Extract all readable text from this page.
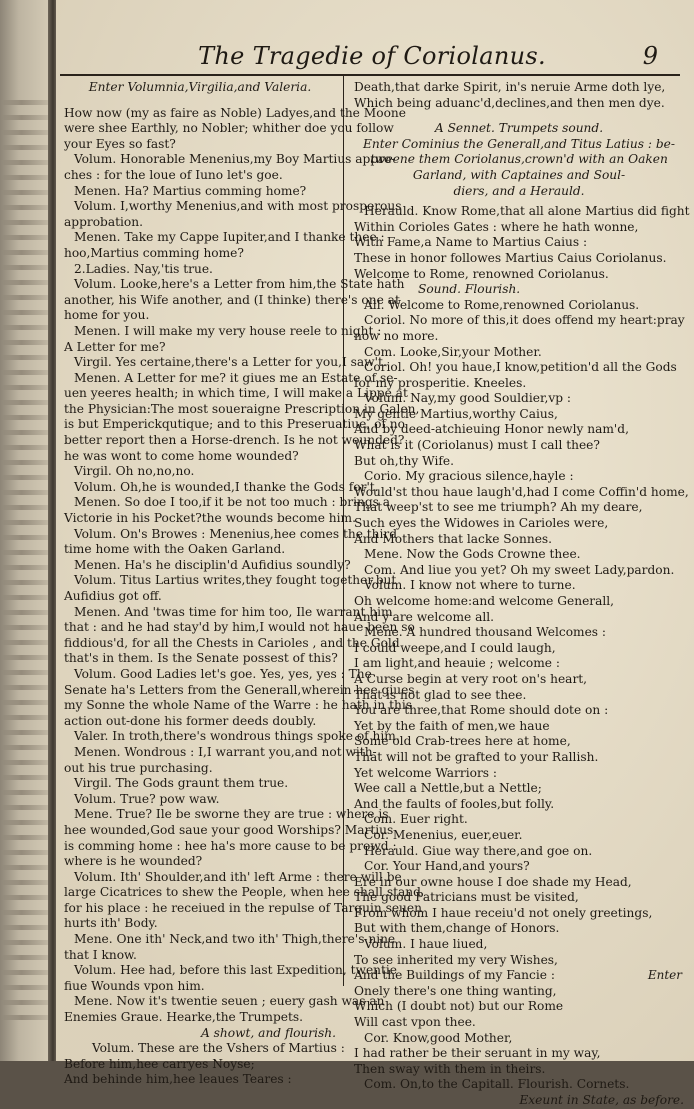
The Tragedie of Coriolanus.	9
Enter Volumnia,Virgilia,and Valeria.
How now (my as faire as Noble) Ladyes,and the Moone
were shee Earthly, no Nobler; whither doe you follow
your Eyes so fast?
Volum. Honorable Menenius,my Boy Martius appro-
ches : for the loue of Iuno let's goe.
Menen. Ha? Martius comming home?
Volum. I,worthy Menenius,and with most prosperous
approbation.
Menen. Take my Cappe Iupiter,and I thanke thee :
hoo,Martius comming home?
2.Ladies. Nay,'tis true.
Volum. Looke,here's a Letter from him,the State hath
another, his Wife another, and (I thinke) there's one at
home for you.
Menen. I will make my very house reele to night :
A Letter for me?
Virgil. Yes certaine,there's a Letter for you,I saw't.
Menen. A Letter for me? it giues me an Estate of se-
uen yeeres health; in which time, I will make a Lippe at
the Physician:The most soueraigne Prescription in Galen,
is but Emperickqutique; and to this Preseruatiue, of no
better report then a Horse-drench. Is he not wounded?
he was wont to come home wounded?
Virgil. Oh no,no,no.
Volum. Oh,he is wounded,I thanke the Gods for't.
Menen. So doe I too,if it be not too much : brings a
Victorie in his Pocket?the wounds become him.
Volum. On's Browes : Menenius,hee comes the third
time home with the Oaken Garland.
Menen. Ha's he disciplin'd Aufidius soundly?
Volum. Titus Lartius writes,they fought together,but
Aufidius got off.
Menen. And 'twas time for him too, Ile warrant him
that : and he had stay'd by him,I would not haue been so
fiddious'd, for all the Chests in Carioles , and the Gold
that's in them. Is the Senate possest of this?
Volum. Good Ladies let's goe. Yes, yes, yes : The
Senate ha's Letters from the Generall,wherein hee giues
my Sonne the whole Name of the Warre : he hath in this
action out-done his former deeds doubly.
Valer. In troth,there's wondrous things spoke of him.
Menen. Wondrous : I,I warrant you,and not with-
out his true purchasing.
Virgil. The Gods graunt them true.
Volum. True? pow waw.
Mene. True? Ile be sworne they are true : where is
hee wounded,God saue your good Worships? Martius
is comming home : hee ha's more cause to be prowd :
where is he wounded?
Volum. Ith' Shoulder,and ith' left Arme : there will be
large Cicatrices to shew the People, when hee shall stand
for his place : he receiued in the repulse of Tarquin seuen
hurts ith' Body.
Mene. One ith' Neck,and two ith' Thigh,there's nine
that I know.
Volum. Hee had, before this last Expedition, twentie
fiue Wounds vpon him.
Mene. Now it's twentie seuen ; euery gash was an
Enemies Graue. Hearke,the Trumpets.
A showt, and flourish.
Volum. These are the Vshers of Martius :
Before him,hee carryes Noyse;
And behinde him,hee leaues Teares :
Death,that darke Spirit, in's neruie Arme doth lye,
Which being aduanc'd,declines,and then men dye.
A Sennet. Trumpets sound.
Enter Cominius the Generall,and Titus Latius : be-
tweene them Coriolanus,crown'd with an Oaken
Garland, with Captaines and Soul-
diers, and a Herauld.
Herauld. Know Rome,that all alone Martius did fight
Within Corioles Gates : where he hath wonne,
With Fame,a Name to Martius Caius :
These in honor followes Martius Caius Coriolanus.
Welcome to Rome, renowned Coriolanus.
Sound. Flourish.
All. Welcome to Rome,renowned Coriolanus.
Coriol. No more of this,it does offend my heart:pray
now no more.
Com. Looke,Sir,your Mother.
Coriol. Oh! you haue,I know,petition'd all the Gods
for my prosperitie. Kneeles.
Volum. Nay,my good Souldier,vp :
My gentle Martius,worthy Caius,
And by deed-atchieuing Honor newly nam'd,
What is it (Coriolanus) must I call thee?
But oh,thy Wife.
Corio. My gracious silence,hayle :
Would'st thou haue laugh'd,had I come Coffin'd home,
That weep'st to see me triumph? Ah my deare,
Such eyes the Widowes in Carioles were,
And Mothers that lacke Sonnes.
Mene. Now the Gods Crowne thee.
Com. And liue you yet? Oh my sweet Lady,pardon.
Volum. I know not where to turne.
Oh welcome home:and welcome Generall,
And y'are welcome all.
Mene. A hundred thousand Welcomes :
I could weepe,and I could laugh,
I am light,and heauie ; welcome :
A Curse begin at very root on's heart,
That is not glad to see thee.
You are three,that Rome should dote on :
Yet by the faith of men,we haue
Some old Crab-trees here at home,
That will not be grafted to your Rallish.
Yet welcome Warriors :
Wee call a Nettle,but a Nettle;
And the faults of fooles,but folly.
Com. Euer right.
Cor. Menenius, euer,euer.
Herauld. Giue way there,and goe on.
Cor. Your Hand,and yours?
Ere in our owne house I doe shade my Head,
The good Patricians must be visited,
From whom I haue receiu'd not onely greetings,
But with them,change of Honors.
Volum. I haue liued,
To see inherited my very Wishes,
And the Buildings of my Fancie :
Onely there's one thing wanting,
Which (I doubt not) but our Rome
Will cast vpon thee.
Cor. Know,good Mother,
I had rather be their seruant in my way,
Then sway with them in theirs.
Com. On,to the Capitall. Flourish. Cornets.
Exeunt in State, as before.
Enter
